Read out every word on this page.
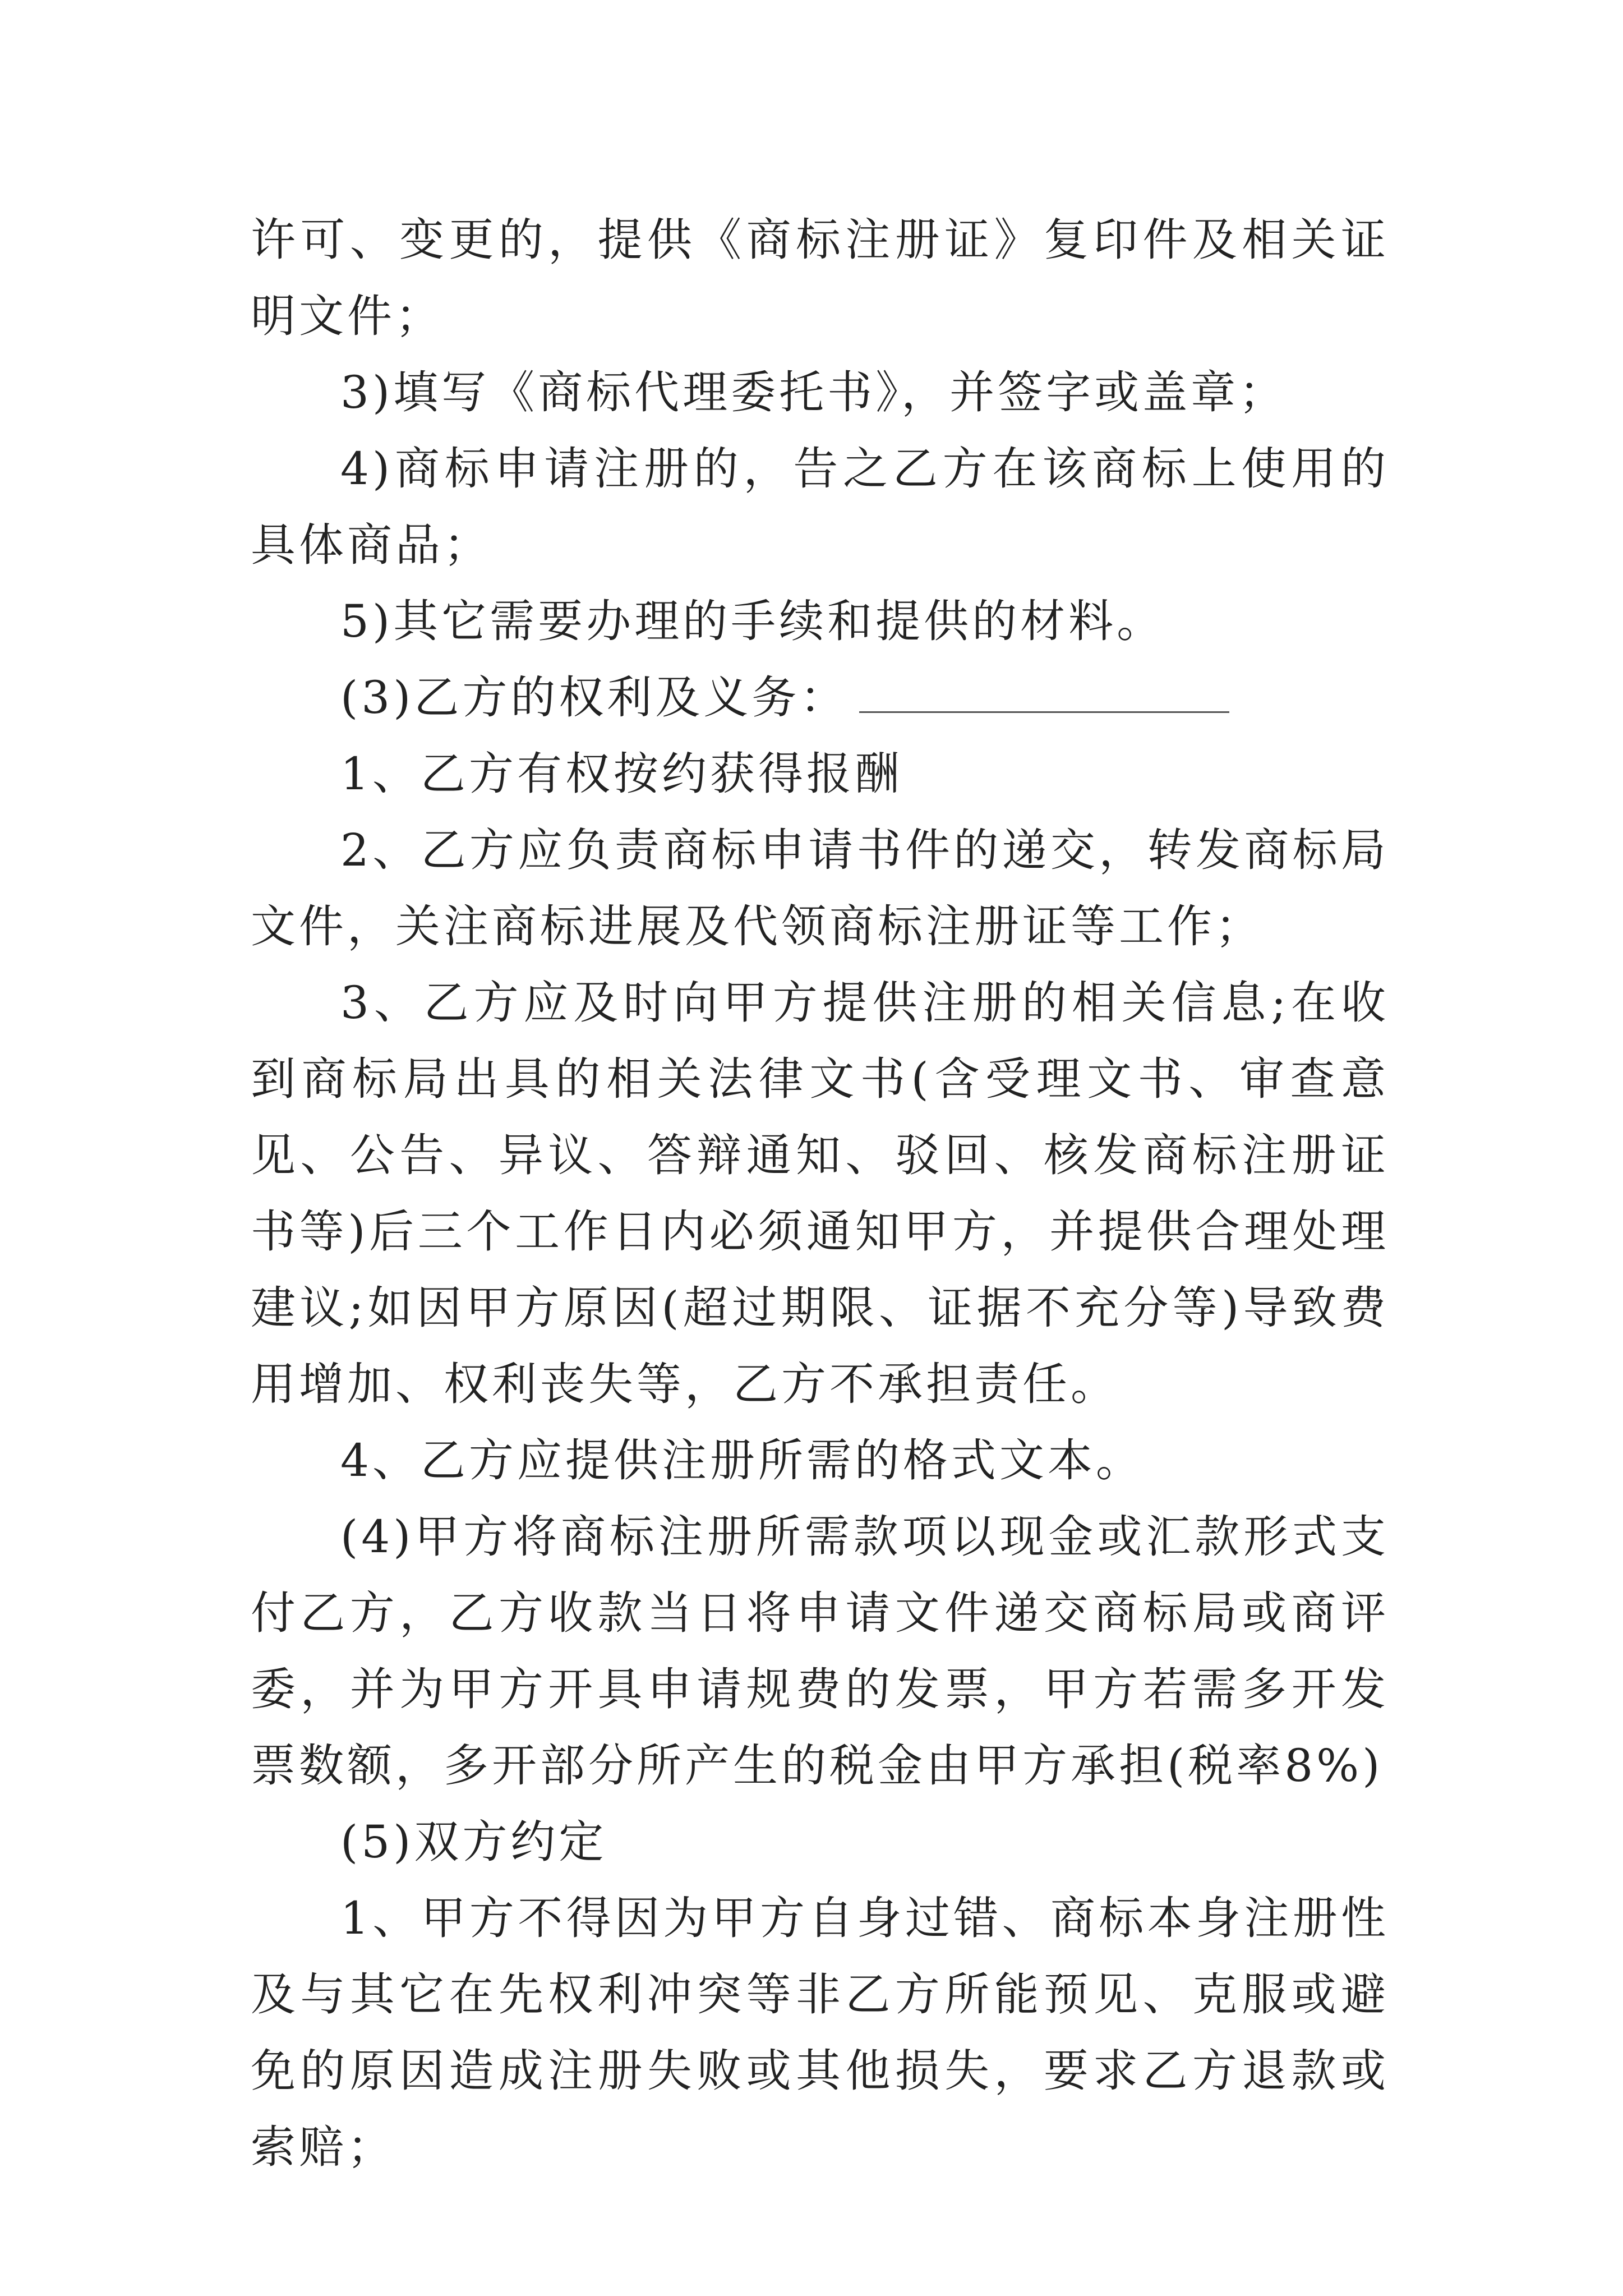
许可、变更的，提供《商标注册证》复印件及相关证明文件；

3)填写《商标代理委托书》，并签字或盖章；

4)商标申请注册的，告之乙方在该商标上使用的具体商品；

5)其它需要办理的手续和提供的材料。

(3)乙方的权利及义务：

1、乙方有权按约获得报酬

2、乙方应负责商标申请书件的递交，转发商标局文件，关注商标进展及代领商标注册证等工作；

3、乙方应及时向甲方提供注册的相关信息;在收到商标局出具的相关法律文书(含受理文书、审查意见、公告、异议、答辩通知、驳回、核发商标注册证书等)后三个工作日内必须通知甲方，并提供合理处理建议;如因甲方原因(超过期限、证据不充分等)导致费用增加、权利丧失等，乙方不承担责任。

4、乙方应提供注册所需的格式文本。

(4)甲方将商标注册所需款项以现金或汇款形式支付乙方，乙方收款当日将申请文件递交商标局或商评委，并为甲方开具申请规费的发票，甲方若需多开发票数额，多开部分所产生的税金由甲方承担(税率8%)

(5)双方约定

1、甲方不得因为甲方自身过错、商标本身注册性及与其它在先权利冲突等非乙方所能预见、克服或避免的原因造成注册失败或其他损失，要求乙方退款或索赔；
